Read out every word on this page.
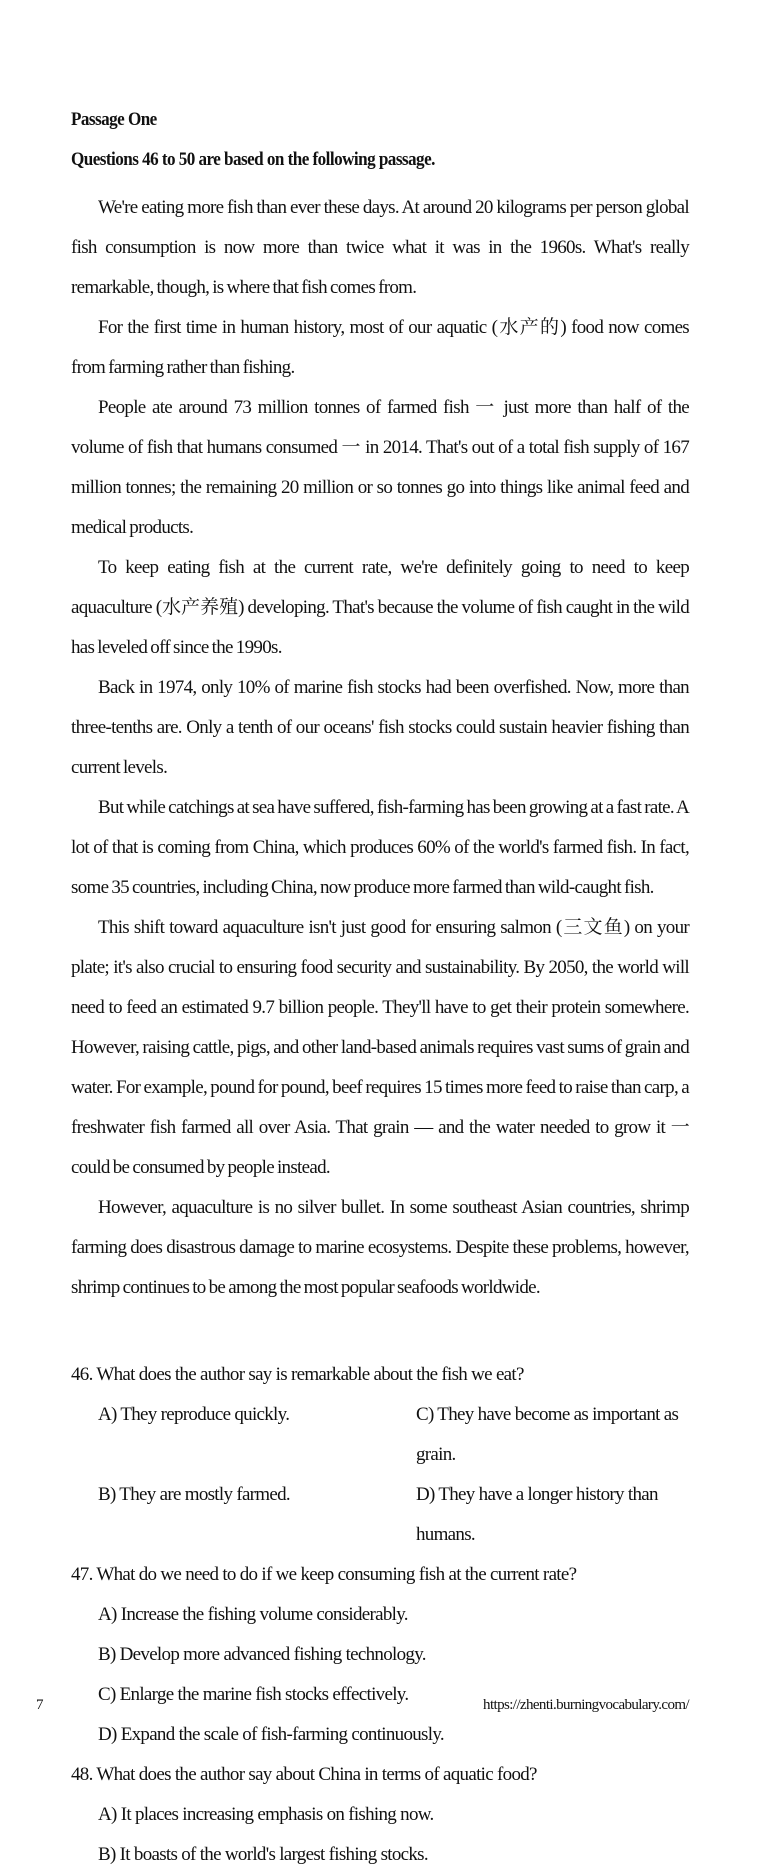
Passage One
Questions 46 to 50 are based on the following passage.

We're eating more fish than ever these days. At around 20 kilograms per person global fish consumption is now more than twice what it was in the 1960s. What's really remarkable, though, is where that fish comes from.

For the first time in human history, most of our aquatic (水产的) food now comes from farming rather than fishing.

People ate around 73 million tonnes of farmed fish 一 just more than half of the volume of fish that humans consumed 一 in 2014. That's out of a total fish supply of 167 million tonnes; the remaining 20 million or so tonnes go into things like animal feed and medical products.

To keep eating fish at the current rate, we're definitely going to need to keep aquaculture (水产养殖) developing. That's because the volume of fish caught in the wild has leveled off since the 1990s.

Back in 1974, only 10% of marine fish stocks had been overfished. Now, more than three-tenths are. Only a tenth of our oceans' fish stocks could sustain heavier fishing than current levels.

But while catchings at sea have suffered, fish-farming has been growing at a fast rate. A lot of that is coming from China, which produces 60% of the world's farmed fish. In fact, some 35 countries, including China, now produce more farmed than wild-caught fish.

This shift toward aquaculture isn't just good for ensuring salmon (三文鱼) on your plate; it's also crucial to ensuring food security and sustainability. By 2050, the world will need to feed an estimated 9.7 billion people. They'll have to get their protein somewhere. However, raising cattle, pigs, and other land-based animals requires vast sums of grain and water. For example, pound for pound, beef requires 15 times more feed to raise than carp, a freshwater fish farmed all over Asia. That grain — and the water needed to grow it 一 could be consumed by people instead.

However, aquaculture is no silver bullet. In some southeast Asian countries, shrimp farming does disastrous damage to marine ecosystems. Despite these problems, however, shrimp continues to be among the most popular seafoods worldwide.

46. What does the author say is remarkable about the fish we eat?

A) They reproduce quickly.	C) They have become as important as grain.
B) They are mostly farmed.	D) They have a longer history than humans.

47. What do we need to do if we keep consuming fish at the current rate?

A) Increase the fishing volume considerably.
B) Develop more advanced fishing technology.
C) Enlarge the marine fish stocks effectively.
D) Expand the scale of fish-farming continuously.

48. What does the author say about China in terms of aquatic food?

A) It places increasing emphasis on fishing now.
B) It boasts of the world's largest fishing stocks.
7	https://zhenti.burningvocabulary.com/
